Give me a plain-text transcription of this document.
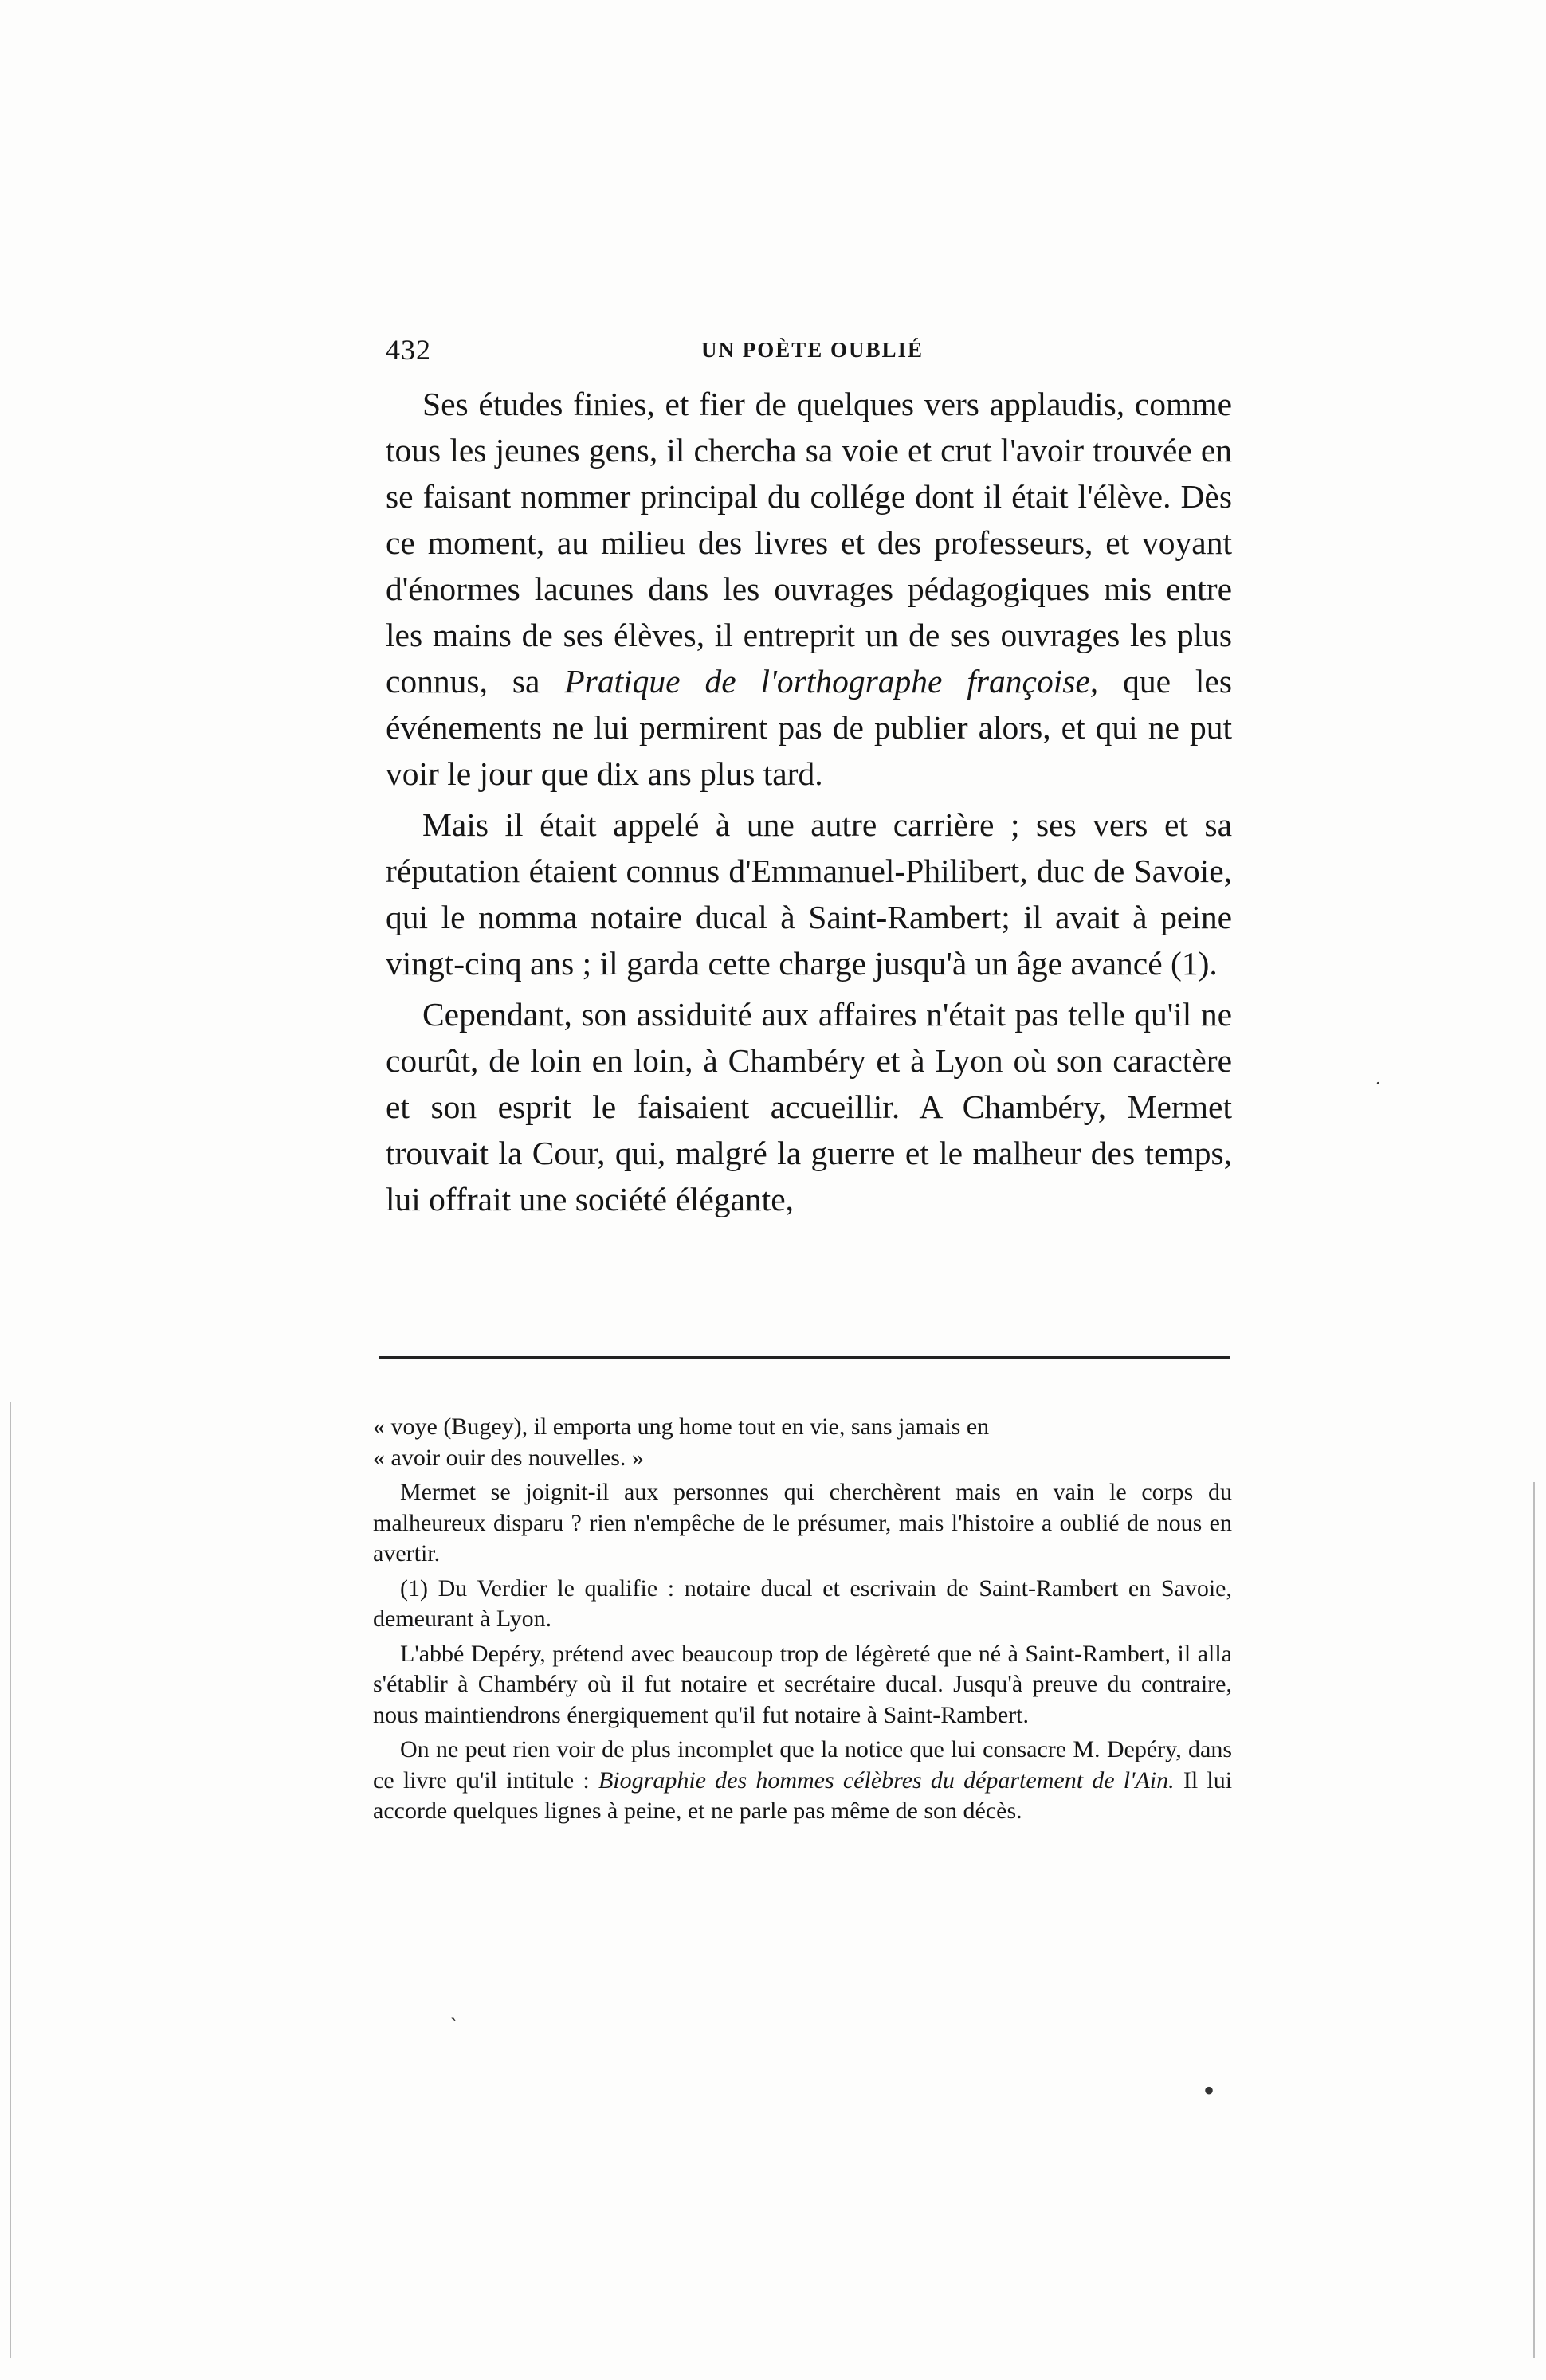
432	UN POÈTE OUBLIÉ

Ses études finies, et fier de quelques vers applaudis, comme tous les jeunes gens, il chercha sa voie et crut l'avoir trouvée en se faisant nommer principal du collége dont il était l'élève. Dès ce moment, au milieu des livres et des professeurs, et voyant d'énormes lacunes dans les ouvrages pédagogiques mis entre les mains de ses élèves, il entreprit un de ses ouvrages les plus connus, sa Pratique de l'orthographe françoise, que les événements ne lui permirent pas de publier alors, et qui ne put voir le jour que dix ans plus tard.

Mais il était appelé à une autre carrière ; ses vers et sa réputation étaient connus d'Emmanuel-Philibert, duc de Savoie, qui le nomma notaire ducal à Saint-Rambert; il avait à peine vingt-cinq ans ; il garda cette charge jusqu'à un âge avancé (1).

Cependant, son assiduité aux affaires n'était pas telle qu'il ne courût, de loin en loin, à Chambéry et à Lyon où son caractère et son esprit le faisaient accueillir. A Chambéry, Mermet trouvait la Cour, qui, malgré la guerre et le malheur des temps, lui offrait une société élégante,

« voye (Bugey), il emporta ung home tout en vie, sans jamais en

« avoir ouir des nouvelles. »

Mermet se joignit-il aux personnes qui cherchèrent mais en vain le corps du malheureux disparu ? rien n'empêche de le présumer, mais l'histoire a oublié de nous en avertir.

(1) Du Verdier le qualifie : notaire ducal et escrivain de Saint-Rambert en Savoie, demeurant à Lyon.

L'abbé Depéry, prétend avec beaucoup trop de légèreté que né à Saint-Rambert, il alla s'établir à Chambéry où il fut notaire et secrétaire ducal. Jusqu'à preuve du contraire, nous maintiendrons énergiquement qu'il fut notaire à Saint-Rambert.

On ne peut rien voir de plus incomplet que la notice que lui consacre M. Depéry, dans ce livre qu'il intitule : Biographie des hommes célèbres du département de l'Ain. Il lui accorde quelques lignes à peine, et ne parle pas même de son décès.

·
•
ˏ
